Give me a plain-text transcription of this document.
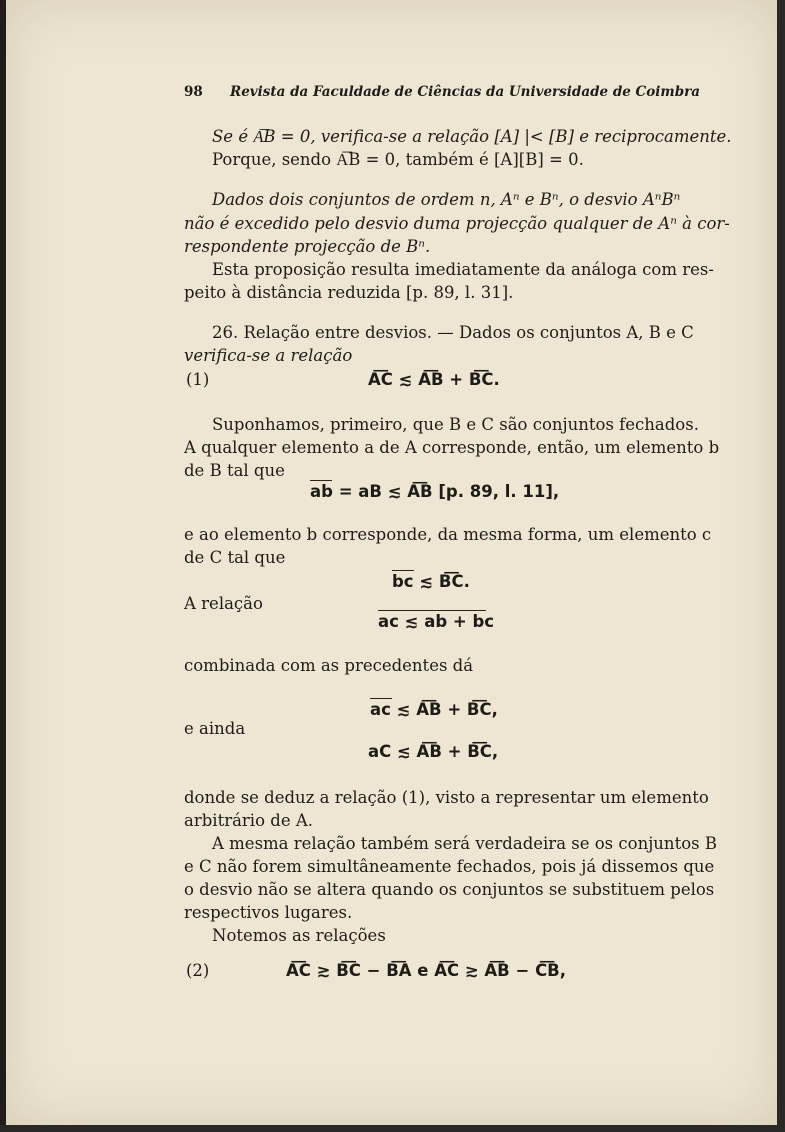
98 Revista da Faculdade de Ciências da Universidade de Coimbra
Se é A͞B = 0, verifica-se a relação [A] |< [B] e reciprocamente.
Porque, sendo A͞B = 0, também é [A][B] = 0.
Dados dois conjuntos de ordem n, Aⁿ e Bⁿ, o desvio AⁿBⁿ
não é excedido pelo desvio duma projecção qualquer de Aⁿ à cor-
respondente projecção de Bⁿ.
Esta proposição resulta imediatamente da análoga com res-
peito à distância reduzida [p. 89, l. 31].
26. Relação entre desvios. — Dados os conjuntos A, B e C
verifica-se a relação
(1)	A͞C ≲ A͞B + B͞C.
Suponhamos, primeiro, que B e C são conjuntos fechados.
A qualquer elemento a de A corresponde, então, um elemento b
de B tal que
ab = aB ≲ A͞B [p. 89, l. 11],
e ao elemento b corresponde, da mesma forma, um elemento c
de C tal que
bc ≲ B͞C.
A relação
ac ≲ ab + bc
combinada com as precedentes dá
ac ≲ A͞B + B͞C,
e ainda
aC ≲ A͞B + B͞C,
donde se deduz a relação (1), visto a representar um elemento
arbitrário de A.
A mesma relação também será verdadeira se os conjuntos B
e C não forem simultâneamente fechados, pois já dissemos que
o desvio não se altera quando os conjuntos se substituem pelos
respectivos lugares.
Notemos as relações
(2)	A͞C ≳ B͞C − B͞A e A͞C ≳ A͞B − C͞B,
